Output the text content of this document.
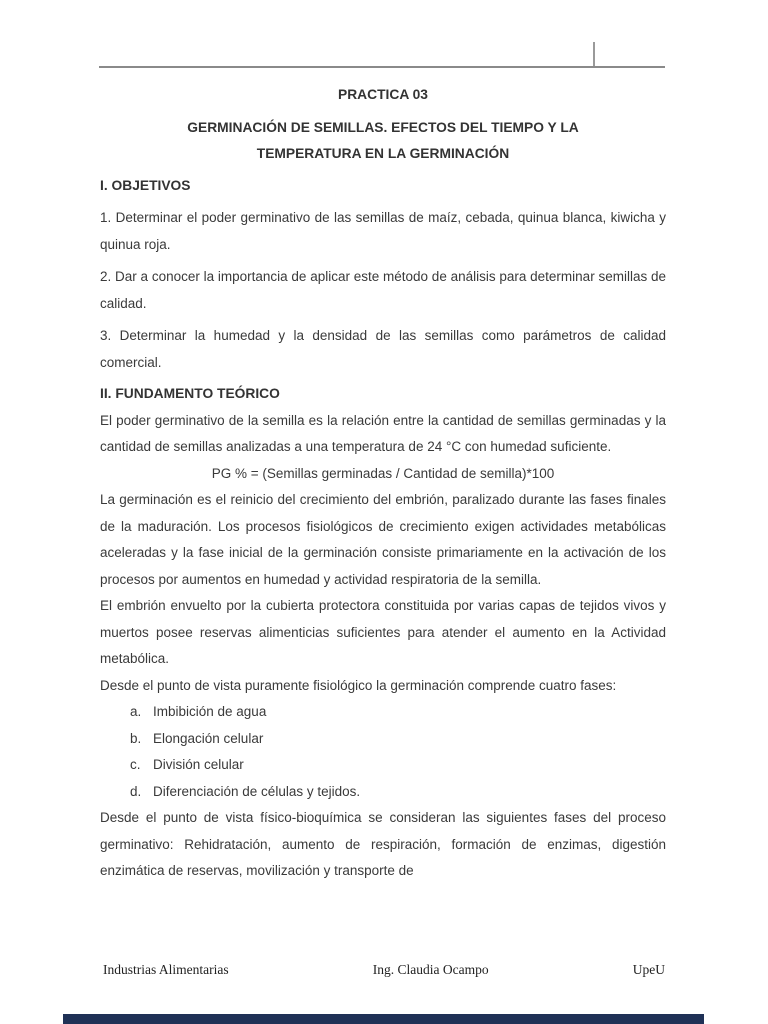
PRACTICA 03
GERMINACIÓN DE SEMILLAS. EFECTOS DEL TIEMPO Y LA
TEMPERATURA EN LA GERMINACIÓN
I. OBJETIVOS

1. Determinar el poder germinativo de las semillas de maíz, cebada, quinua blanca, kiwicha y quinua roja.

2. Dar a conocer la importancia de aplicar este método de análisis para determinar semillas de calidad.

3. Determinar la humedad y la densidad de las semillas como parámetros de calidad comercial.

II. FUNDAMENTO TEÓRICO

El poder germinativo de la semilla es la relación entre la cantidad de semillas germinadas y la cantidad de semillas analizadas a una temperatura de 24 °C con humedad suficiente.

PG % = (Semillas germinadas / Cantidad de semilla)*100

La germinación es el reinicio del crecimiento del embrión, paralizado durante las fases finales de la maduración. Los procesos fisiológicos de crecimiento exigen actividades metabólicas aceleradas y la fase inicial de la germinación consiste primariamente en la activación de los procesos por aumentos en humedad y actividad respiratoria de la semilla.

El embrión envuelto por la cubierta protectora constituida por varias capas de tejidos vivos y muertos posee reservas alimenticias suficientes para atender el aumento en la Actividad metabólica.

Desde el punto de vista puramente fisiológico la germinación comprende cuatro fases:

a. Imbibición de agua
b. Elongación celular
c. División celular
d. Diferenciación de células y tejidos.

Desde el punto de vista físico-bioquímica se consideran las siguientes fases del proceso germinativo: Rehidratación, aumento de respiración, formación de enzimas, digestión enzimática de reservas, movilización y transporte de

Industrias Alimentarias	Ing. Claudia Ocampo	UpeU
